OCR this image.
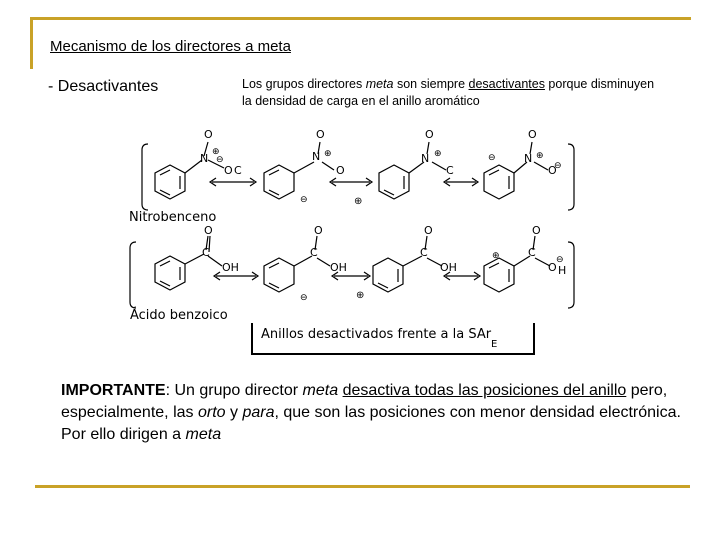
Mecanismo de los directores a meta
- Desactivantes	Los grupos directores meta son siempre desactivantes porque disminuyen la densidad de carga en el anillo aromático
O
N
O C
O
N
O
O
N
C
O
N
O
⊕
⊖
⊕
⊖	⊕
⊕	⊖	⊕
⊖
O
C
OH
O
C
OH
O
C
OH
O
C
O H
⊖	⊕
⊕	⊖
Nitrobenceno
Ácido benzoico
Anillos desactivados frente a la SAr
E
IMPORTANTE: Un grupo director meta desactiva todas las posiciones del anillo pero, especialmente, las orto y para, que son las posiciones con menor densidad electrónica. Por ello dirigen a meta
